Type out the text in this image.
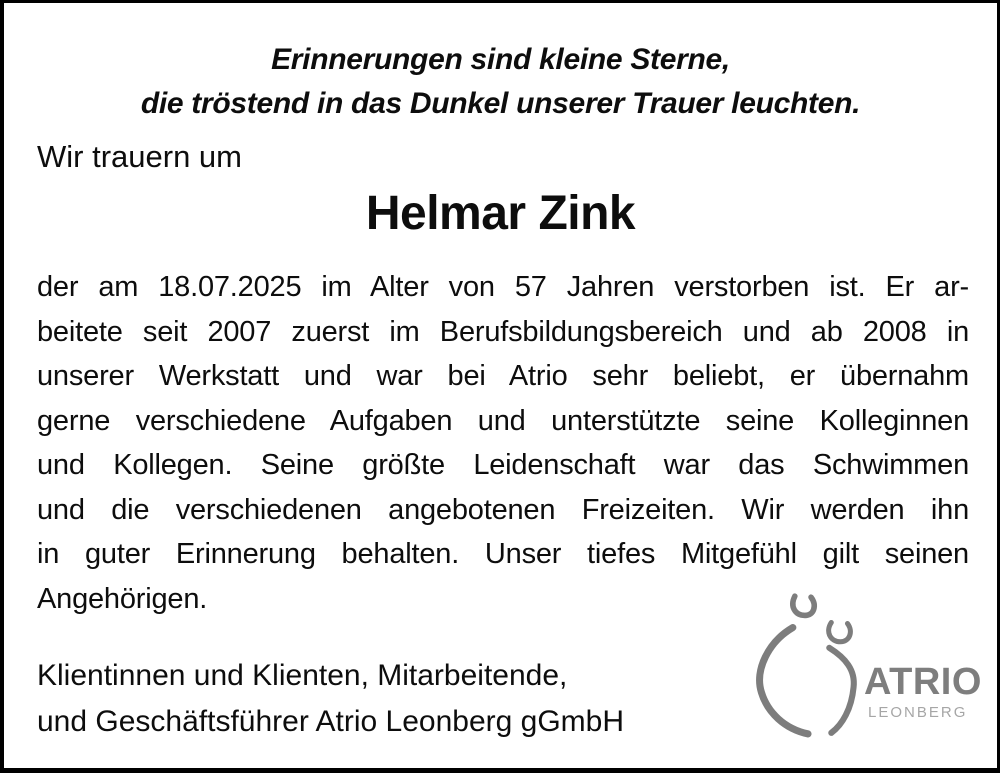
Erinnerungen sind kleine Sterne,
die tröstend in das Dunkel unserer Trauer leuchten.
Wir trauern um
Helmar Zink
der am 18.07.2025 im Alter von 57 Jahren verstorben ist. Er ar-
beitete seit 2007 zuerst im Berufsbildungsbereich und ab 2008 in
unserer Werkstatt und war bei Atrio sehr beliebt, er übernahm
gerne verschiedene Aufgaben und unterstützte seine Kolleginnen
und Kollegen. Seine größte Leidenschaft war das Schwimmen
und die verschiedenen angebotenen Freizeiten. Wir werden ihn
in guter Erinnerung behalten. Unser tiefes Mitgefühl gilt seinen
Angehörigen.
Klientinnen und Klienten, Mitarbeitende,
und Geschäftsführer Atrio Leonberg gGmbH
ATRIO
LEONBERG
